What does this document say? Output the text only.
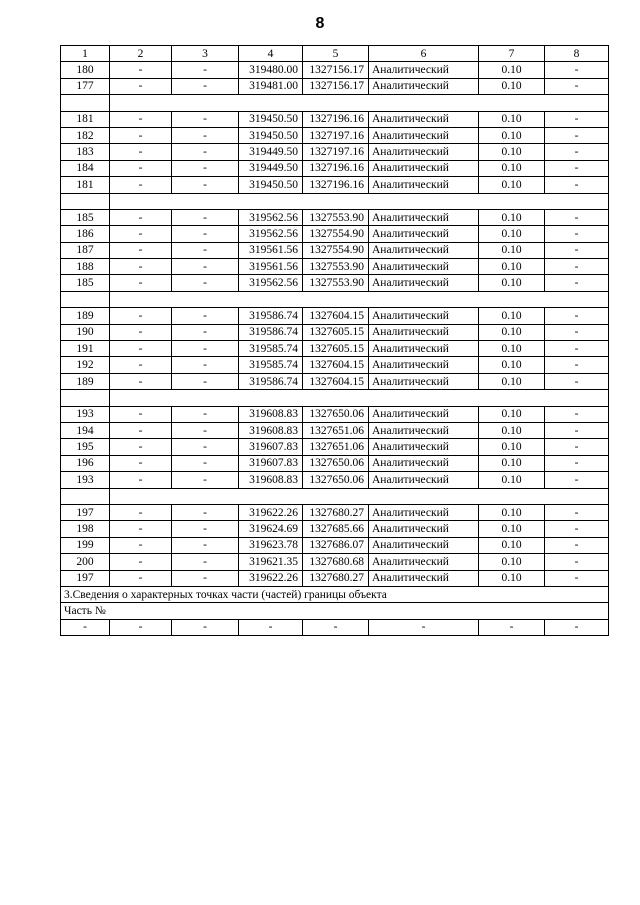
8
1	2	3	4	5	6	7	8
180	-	-	319480.00	1327156.17	Аналитический	0.10	-
177	-	-	319481.00	1327156.17	Аналитический	0.10	-

181	-	-	319450.50	1327196.16	Аналитический	0.10	-
182	-	-	319450.50	1327197.16	Аналитический	0.10	-
183	-	-	319449.50	1327197.16	Аналитический	0.10	-
184	-	-	319449.50	1327196.16	Аналитический	0.10	-
181	-	-	319450.50	1327196.16	Аналитический	0.10	-

185	-	-	319562.56	1327553.90	Аналитический	0.10	-
186	-	-	319562.56	1327554.90	Аналитический	0.10	-
187	-	-	319561.56	1327554.90	Аналитический	0.10	-
188	-	-	319561.56	1327553.90	Аналитический	0.10	-
185	-	-	319562.56	1327553.90	Аналитический	0.10	-

189	-	-	319586.74	1327604.15	Аналитический	0.10	-
190	-	-	319586.74	1327605.15	Аналитический	0.10	-
191	-	-	319585.74	1327605.15	Аналитический	0.10	-
192	-	-	319585.74	1327604.15	Аналитический	0.10	-
189	-	-	319586.74	1327604.15	Аналитический	0.10	-

193	-	-	319608.83	1327650.06	Аналитический	0.10	-
194	-	-	319608.83	1327651.06	Аналитический	0.10	-
195	-	-	319607.83	1327651.06	Аналитический	0.10	-
196	-	-	319607.83	1327650.06	Аналитический	0.10	-
193	-	-	319608.83	1327650.06	Аналитический	0.10	-

197	-	-	319622.26	1327680.27	Аналитический	0.10	-
198	-	-	319624.69	1327685.66	Аналитический	0.10	-
199	-	-	319623.78	1327686.07	Аналитический	0.10	-
200	-	-	319621.35	1327680.68	Аналитический	0.10	-
197	-	-	319622.26	1327680.27	Аналитический	0.10	-
3.Сведения о характерных точках части (частей) границы объекта							
Часть №							
-	-	-	-	-	-	-	-
